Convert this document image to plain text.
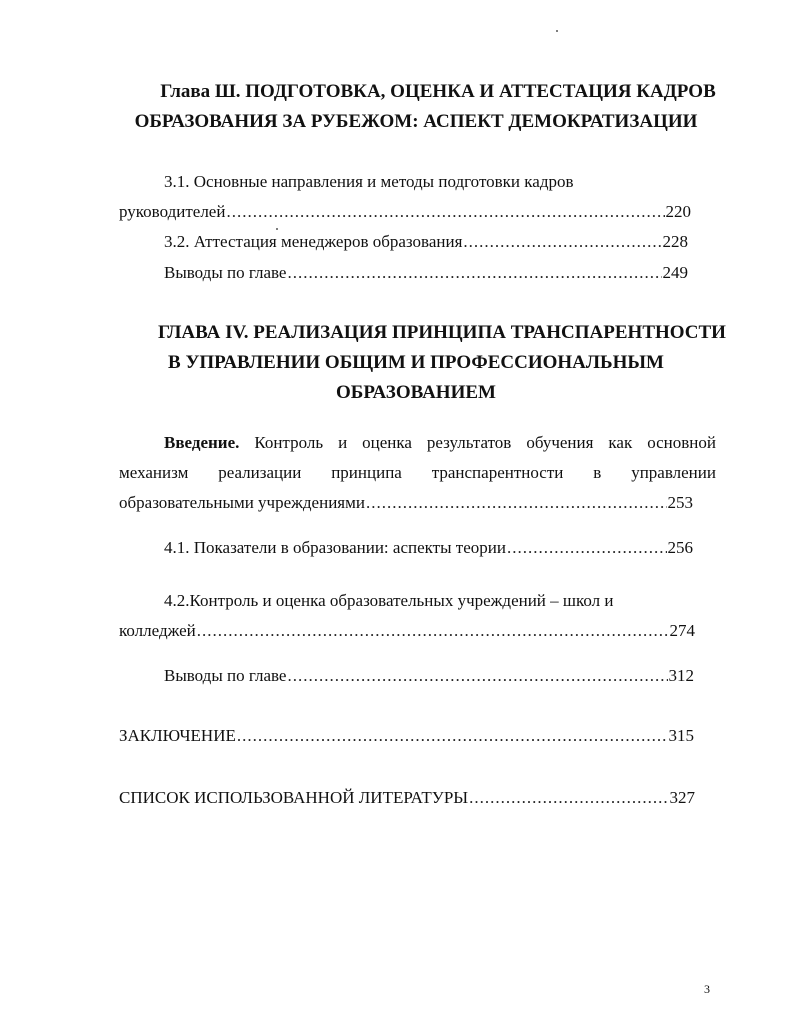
Глава Ш. ПОДГОТОВКА, ОЦЕНКА И АТТЕСТАЦИЯ КАДРОВ
ОБРАЗОВАНИЯ ЗА РУБЕЖОМ: АСПЕКТ ДЕМОКРАТИЗАЦИИ
3.1. Основные направления и методы подготовки кадров
руководителей .....	220
3.2. Аттестация менеджеров образования .....	228
Выводы по главе .....	249
ГЛАВА IV. РЕАЛИЗАЦИЯ ПРИНЦИПА ТРАНСПАРЕНТНОСТИ
В УПРАВЛЕНИИ ОБЩИМ И ПРОФЕССИОНАЛЬНЫМ
ОБРАЗОВАНИЕМ
Введение. Контроль и оценка результатов обучения как основной
механизм реализации принципа транспарентности в управлении
образовательными учреждениями .....	253
4.1. Показатели в образовании: аспекты теории .....	256
4.2.Контроль и оценка образовательных учреждений – школ и
колледжей .....	274
Выводы по главе .....	312
ЗАКЛЮЧЕНИЕ .....	315
СПИСОК ИСПОЛЬЗОВАННОЙ ЛИТЕРАТУРЫ .....	327
3
